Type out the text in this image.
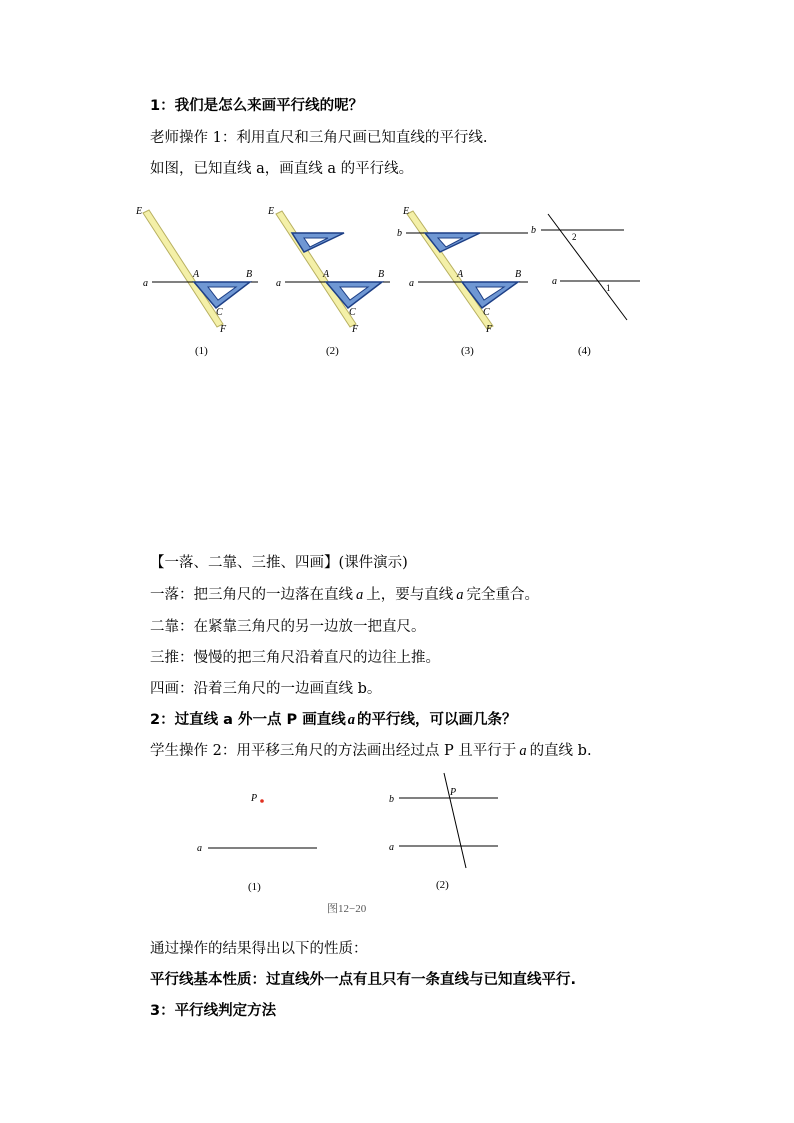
1：我们是怎么来画平行线的呢？
老师操作 1：利用直尺和三角尺画已知直线的平行线.
如图，已知直线 a，画直线 a 的平行线。
E
a
A	B
C
F
(1)
E
a
A	B
C
F
(2)
E
b
a
A	B
C
F
(3)
b
a
2
1
(4)
P
a
(1)
b
a
P
(2)
图12−20
【一落、二靠、三推、四画】(课件演示)
一落：把三角尺的一边落在直线 a 上，要与直线 a 完全重合。
二靠：在紧靠三角尺的另一边放一把直尺。
三推：慢慢的把三角尺沿着直尺的边往上推。
四画：沿着三角尺的一边画直线 b。
2：过直线 a 外一点 P 画直线 a 的平行线，可以画几条？
学生操作 2：用平移三角尺的方法画出经过点 P 且平行于 a 的直线 b.
通过操作的结果得出以下的性质：
平行线基本性质：过直线外一点有且只有一条直线与已知直线平行.
3：平行线判定方法
